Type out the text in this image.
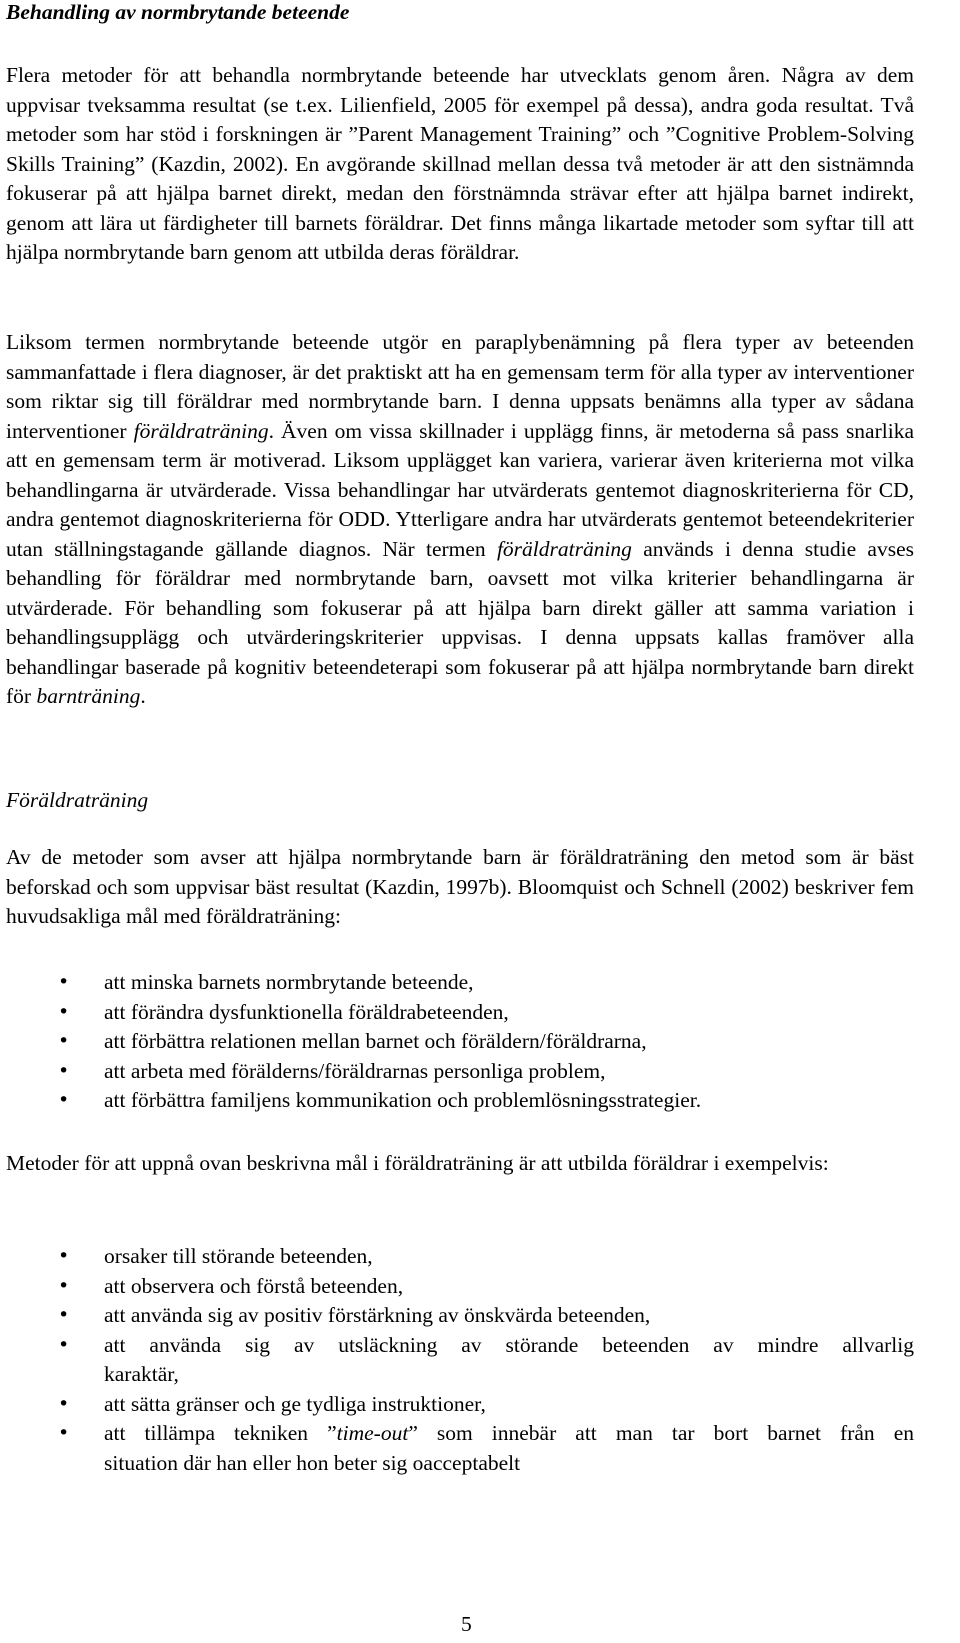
Behandling av normbrytande beteende

Flera metoder för att behandla normbrytande beteende har utvecklats genom åren. Några av dem uppvisar tveksamma resultat (se t.ex. Lilienfield, 2005 för exempel på dessa), andra goda resultat. Två metoder som har stöd i forskningen är ”Parent Management Training” och ”Cognitive Problem-Solving Skills Training” (Kazdin, 2002). En avgörande skillnad mellan dessa två metoder är att den sistnämnda fokuserar på att hjälpa barnet direkt, medan den förstnämnda strävar efter att hjälpa barnet indirekt, genom att lära ut färdigheter till barnets föräldrar. Det finns många likartade metoder som syftar till att hjälpa normbrytande barn genom att utbilda deras föräldrar.

Liksom termen normbrytande beteende utgör en paraplybenämning på flera typer av beteenden sammanfattade i flera diagnoser, är det praktiskt att ha en gemensam term för alla typer av interventioner som riktar sig till föräldrar med normbrytande barn. I denna uppsats benämns alla typer av sådana interventioner föräldraträning. Även om vissa skillnader i upplägg finns, är metoderna så pass snarlika att en gemensam term är motiverad. Liksom upplägget kan variera, varierar även kriterierna mot vilka behandlingarna är utvärderade. Vissa behandlingar har utvärderats gentemot diagnoskriterierna för CD, andra gentemot diagnoskriterierna för ODD. Ytterligare andra har utvärderats gentemot beteendekriterier utan ställningstagande gällande diagnos. När termen föräldraträning används i denna studie avses behandling för föräldrar med normbrytande barn, oavsett mot vilka kriterier behandlingarna är utvärderade. För behandling som fokuserar på att hjälpa barn direkt gäller att samma variation i behandlingsupplägg och utvärderingskriterier uppvisas. I denna uppsats kallas framöver alla behandlingar baserade på kognitiv beteendeterapi som fokuserar på att hjälpa normbrytande barn direkt för barnträning.

Föräldraträning

Av de metoder som avser att hjälpa normbrytande barn är föräldraträning den metod som är bäst beforskad och som uppvisar bäst resultat (Kazdin, 1997b). Bloomquist och Schnell (2002) beskriver fem huvudsakliga mål med föräldraträning:

• att minska barnets normbrytande beteende,
• att förändra dysfunktionella föräldrabeteenden,
• att förbättra relationen mellan barnet och föräldern/föräldrarna,
• att arbeta med förälderns/föräldrarnas personliga problem,
• att förbättra familjens kommunikation och problemlösningsstrategier.

Metoder för att uppnå ovan beskrivna mål i föräldraträning är att utbilda föräldrar i exempelvis:

• orsaker till störande beteenden,
• att observera och förstå beteenden,
• att använda sig av positiv förstärkning av önskvärda beteenden,
• att använda sig av utsläckning av störande beteenden av mindre allvarlig
karaktär,
• att sätta gränser och ge tydliga instruktioner,
• att tillämpa tekniken ”time-out” som innebär att man tar bort barnet från en
situation där han eller hon beter sig oacceptabelt
5
